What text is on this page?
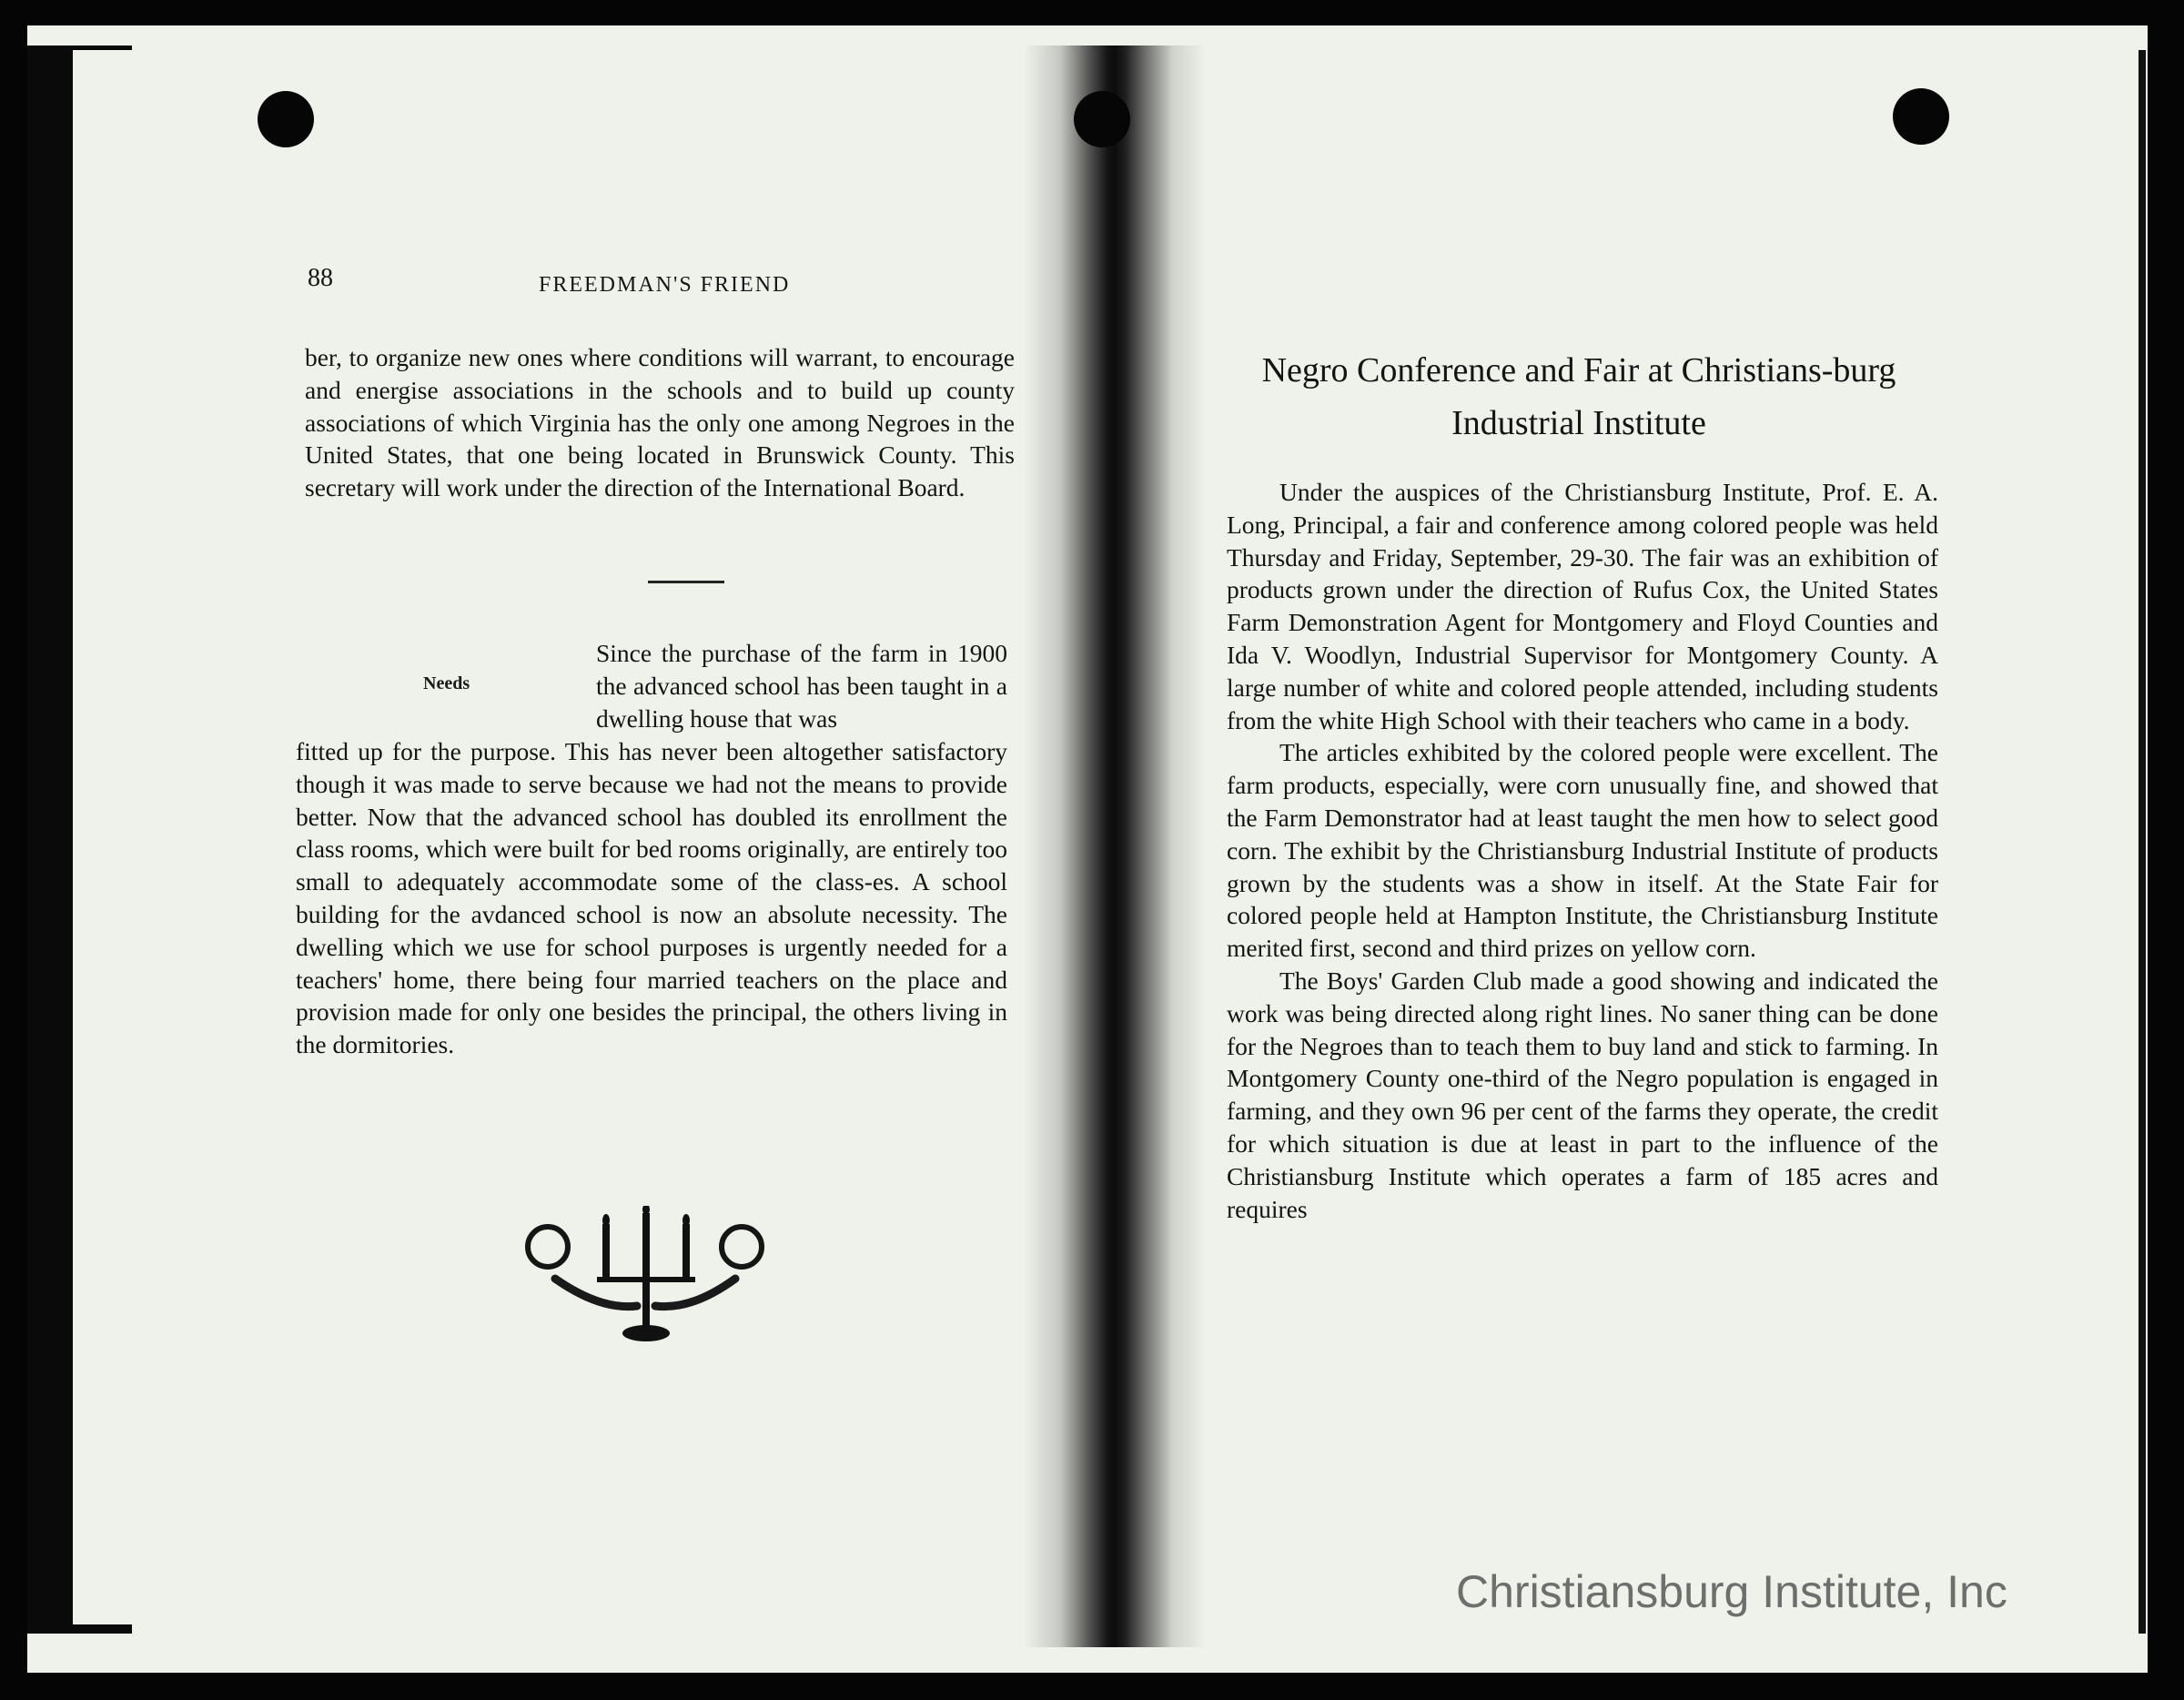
88	FREEDMAN'S FRIEND
ber, to organize new ones where conditions will warrant, to encourage and energise associations in the schools and to build up county associations of which Virginia has the only one among Negroes in the United States, that one being located in Brunswick County. This secretary will work under the direction of the International Board.
Needs
Since the purchase of the farm in 1900 the advanced school has been taught in a dwelling house that was
fitted up for the purpose. This has never been altogether satisfactory though it was made to serve because we had not the means to provide better. Now that the advanced school has doubled its enrollment the class rooms, which were built for bed rooms originally, are entirely too small to adequately accommodate some of the class-es. A school building for the avdanced school is now an absolute necessity. The dwelling which we use for school purposes is urgently needed for a teachers' home, there being four married teachers on the place and provision made for only one besides the principal, the others living in the dormitories.
Negro Conference and Fair at Christians-burg Industrial Institute

Under the auspices of the Christiansburg Institute, Prof. E. A. Long, Principal, a fair and conference among colored people was held Thursday and Friday, September, 29-30. The fair was an exhibition of products grown under the direction of Rufus Cox, the United States Farm Demonstration Agent for Montgomery and Floyd Counties and Ida V. Woodlyn, Industrial Supervisor for Montgomery County. A large number of white and colored people attended, including students from the white High School with their teachers who came in a body.

The articles exhibited by the colored people were excellent. The farm products, especially, were corn unusually fine, and showed that the Farm Demonstrator had at least taught the men how to select good corn. The exhibit by the Christiansburg Industrial Institute of products grown by the students was a show in itself. At the State Fair for colored people held at Hampton Institute, the Christiansburg Institute merited first, second and third prizes on yellow corn.

The Boys' Garden Club made a good showing and indicated the work was being directed along right lines. No saner thing can be done for the Negroes than to teach them to buy land and stick to farming. In Montgomery County one-third of the Negro population is engaged in farming, and they own 96 per cent of the farms they operate, the credit for which situation is due at least in part to the influence of the Christiansburg Institute which operates a farm of 185 acres and requires

Christiansburg Institute, Inc
